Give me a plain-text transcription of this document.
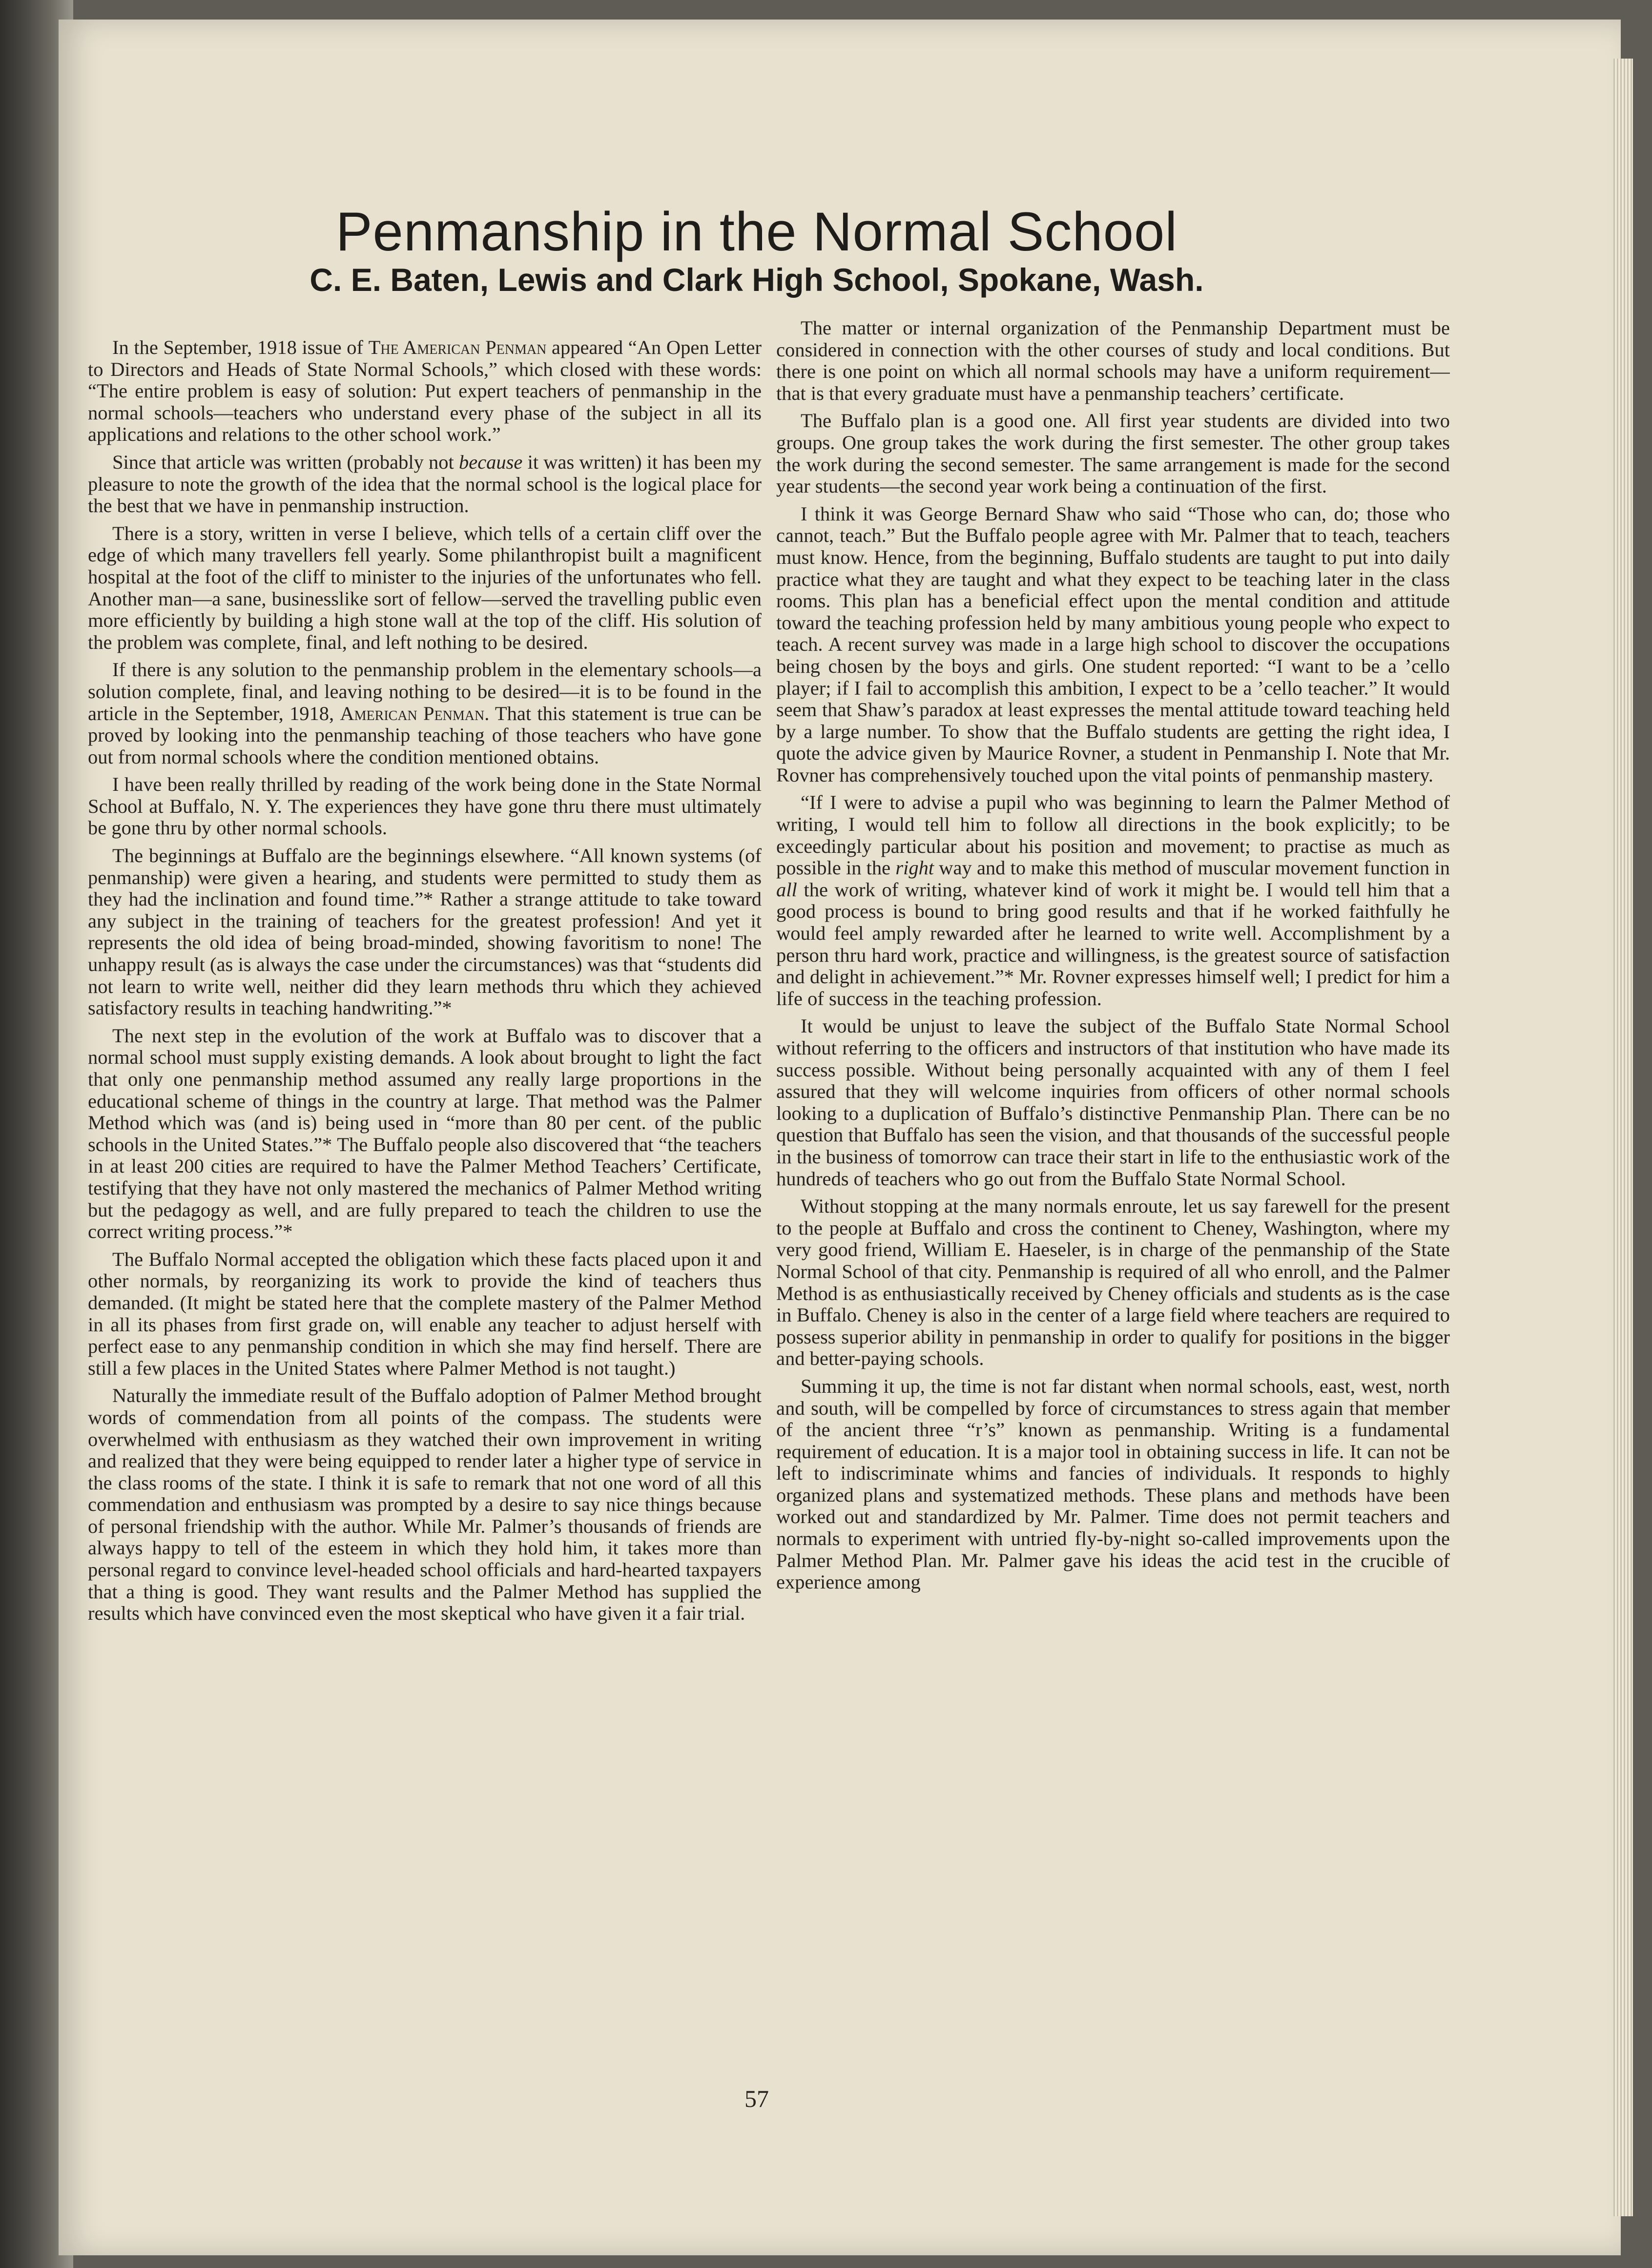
Penmanship in the Normal School
C. E. Baten, Lewis and Clark High School, Spokane, Wash.

In the September, 1918 issue of The American Penman appeared “An Open Letter to Directors and Heads of State Normal Schools,” which closed with these words: “The entire problem is easy of solution: Put expert teachers of penmanship in the normal schools—teachers who understand every phase of the subject in all its applications and relations to the other school work.”

Since that article was written (probably not because it was written) it has been my pleasure to note the growth of the idea that the normal school is the logical place for the best that we have in penmanship instruction.

There is a story, written in verse I believe, which tells of a certain cliff over the edge of which many travellers fell yearly. Some philanthropist built a magnificent hospital at the foot of the cliff to minister to the injuries of the unfortunates who fell. Another man—a sane, businesslike sort of fellow—served the travelling public even more efficiently by building a high stone wall at the top of the cliff. His solution of the problem was complete, final, and left nothing to be desired.

If there is any solution to the penmanship problem in the elementary schools—a solution complete, final, and leaving nothing to be desired—it is to be found in the article in the September, 1918, American Penman. That this statement is true can be proved by looking into the penmanship teaching of those teachers who have gone out from normal schools where the condition mentioned obtains.

I have been really thrilled by reading of the work being done in the State Normal School at Buffalo, N. Y. The experiences they have gone thru there must ultimately be gone thru by other normal schools.

The beginnings at Buffalo are the beginnings elsewhere. “All known systems (of penmanship) were given a hearing, and students were permitted to study them as they had the inclination and found time.”* Rather a strange attitude to take toward any subject in the training of teachers for the greatest profession! And yet it represents the old idea of being broad-minded, showing favoritism to none! The unhappy result (as is always the case under the circumstances) was that “students did not learn to write well, neither did they learn methods thru which they achieved satisfactory results in teaching handwriting.”*

The next step in the evolution of the work at Buffalo was to discover that a normal school must supply existing demands. A look about brought to light the fact that only one penmanship method assumed any really large proportions in the educational scheme of things in the country at large. That method was the Palmer Method which was (and is) being used in “more than 80 per cent. of the public schools in the United States.”* The Buffalo people also discovered that “the teachers in at least 200 cities are required to have the Palmer Method Teachers’ Certificate, testifying that they have not only mastered the mechanics of Palmer Method writing but the pedagogy as well, and are fully prepared to teach the children to use the correct writing process.”*

The Buffalo Normal accepted the obligation which these facts placed upon it and other normals, by reorganizing its work to provide the kind of teachers thus demanded. (It might be stated here that the complete mastery of the Palmer Method in all its phases from first grade on, will enable any teacher to adjust herself with perfect ease to any penmanship condition in which she may find herself. There are still a few places in the United States where Palmer Method is not taught.)

Naturally the immediate result of the Buffalo adoption of Palmer Method brought words of commendation from all points of the compass. The students were overwhelmed with enthusiasm as they watched their own improvement in writing and realized that they were being equipped to render later a higher type of service in the class rooms of the state. I think it is safe to remark that not one word of all this commendation and enthusiasm was prompted by a desire to say nice things because of personal friendship with the author. While Mr. Palmer’s thousands of friends are always happy to tell of the esteem in which they hold him, it takes more than personal regard to convince level-headed school officials and hard-hearted taxpayers that a thing is good. They want results and the Palmer Method has supplied the results which have convinced even the most skeptical who have given it a fair trial.

The matter or internal organization of the Penmanship Department must be considered in connection with the other courses of study and local conditions. But there is one point on which all normal schools may have a uniform requirement—that is that every graduate must have a penmanship teachers’ certificate.

The Buffalo plan is a good one. All first year students are divided into two groups. One group takes the work during the first semester. The other group takes the work during the second semester. The same arrangement is made for the second year students—the second year work being a continuation of the first.

I think it was George Bernard Shaw who said “Those who can, do; those who cannot, teach.” But the Buffalo people agree with Mr. Palmer that to teach, teachers must know. Hence, from the beginning, Buffalo students are taught to put into daily practice what they are taught and what they expect to be teaching later in the class rooms. This plan has a beneficial effect upon the mental condition and attitude toward the teaching profession held by many ambitious young people who expect to teach. A recent survey was made in a large high school to discover the occupations being chosen by the boys and girls. One student reported: “I want to be a ’cello player; if I fail to accomplish this ambition, I expect to be a ’cello teacher.” It would seem that Shaw’s paradox at least expresses the mental attitude toward teaching held by a large number. To show that the Buffalo students are getting the right idea, I quote the advice given by Maurice Rovner, a student in Penmanship I. Note that Mr. Rovner has comprehensively touched upon the vital points of penmanship mastery.

“If I were to advise a pupil who was beginning to learn the Palmer Method of writing, I would tell him to follow all directions in the book explicitly; to be exceedingly particular about his position and movement; to practise as much as possible in the right way and to make this method of muscular movement function in all the work of writing, whatever kind of work it might be. I would tell him that a good process is bound to bring good results and that if he worked faithfully he would feel amply rewarded after he learned to write well. Accomplishment by a person thru hard work, practice and willingness, is the greatest source of satisfaction and delight in achievement.”* Mr. Rovner expresses himself well; I predict for him a life of success in the teaching profession.

It would be unjust to leave the subject of the Buffalo State Normal School without referring to the officers and instructors of that institution who have made its success possible. Without being personally acquainted with any of them I feel assured that they will welcome inquiries from officers of other normal schools looking to a duplication of Buffalo’s distinctive Penmanship Plan. There can be no question that Buffalo has seen the vision, and that thousands of the successful people in the business of tomorrow can trace their start in life to the enthusiastic work of the hundreds of teachers who go out from the Buffalo State Normal School.

Without stopping at the many normals enroute, let us say farewell for the present to the people at Buffalo and cross the continent to Cheney, Washington, where my very good friend, William E. Haeseler, is in charge of the penmanship of the State Normal School of that city. Penmanship is required of all who enroll, and the Palmer Method is as enthusiastically received by Cheney officials and students as is the case in Buffalo. Cheney is also in the center of a large field where teachers are required to possess superior ability in penmanship in order to qualify for positions in the bigger and better-paying schools.

Summing it up, the time is not far distant when normal schools, east, west, north and south, will be compelled by force of circumstances to stress again that member of the ancient three “r’s” known as penmanship. Writing is a fundamental requirement of education. It is a major tool in obtaining success in life. It can not be left to indiscriminate whims and fancies of individuals. It responds to highly organized plans and systematized methods. These plans and methods have been worked out and standardized by Mr. Palmer. Time does not permit teachers and normals to experiment with untried fly-by-night so-called improvements upon the Palmer Method Plan. Mr. Palmer gave his ideas the acid test in the crucible of experience among

57
